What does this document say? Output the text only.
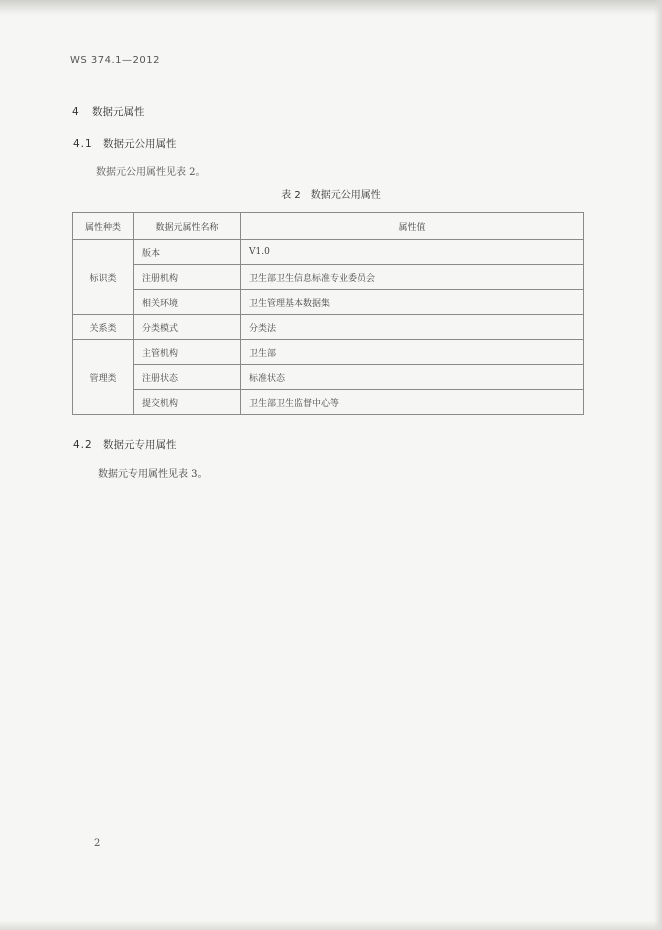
WS 374.1—2012
4 数据元属性
4.1 数据元公用属性
数据元公用属性见表 2。
表 2　数据元公用属性
属性种类	数据元属性名称	属性值
标识类	版本	V1.0
	注册机构	卫生部卫生信息标准专业委员会
	相关环境	卫生管理基本数据集
关系类	分类模式	分类法
管理类	主管机构	卫生部
	注册状态	标准状态
	提交机构	卫生部卫生监督中心等
4.2 数据元专用属性
数据元专用属性见表 3。
2
